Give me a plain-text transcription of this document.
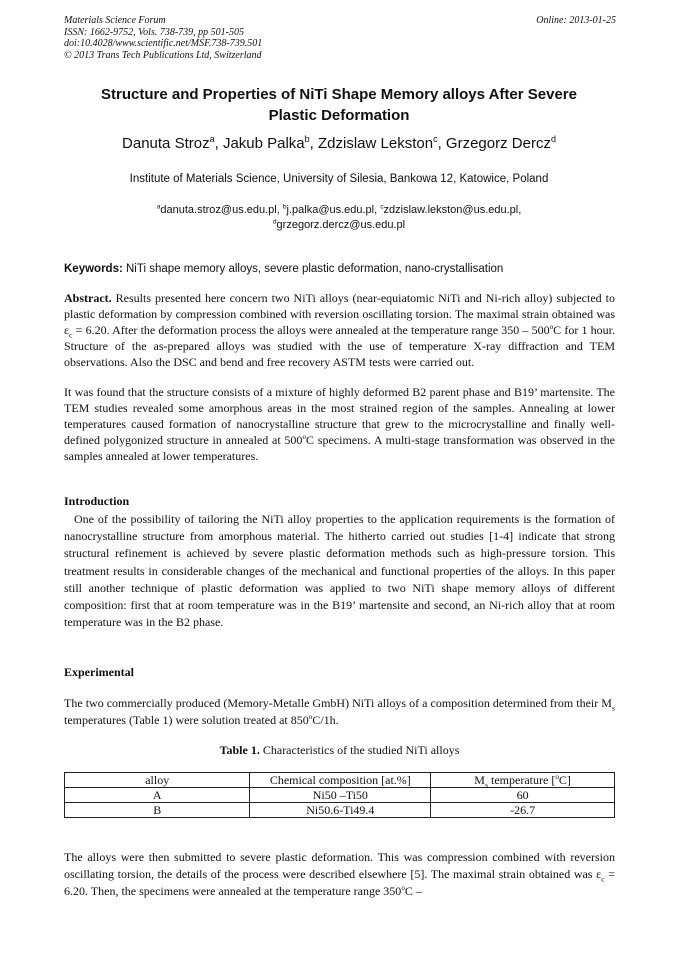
Materials Science Forum
ISSN: 1662-9752, Vols. 738-739, pp 501-505
doi:10.4028/www.scientific.net/MSF.738-739.501
© 2013 Trans Tech Publications Ltd, Switzerland
Online: 2013-01-25
Structure and Properties of NiTi Shape Memory alloys After Severe
Plastic Deformation
Danuta Stroz$^a$, Jakub Palka$^b$, Zdzislaw Lekston$^c$, Grzegorz Dercz$^d$
Institute of Materials Science, University of Silesia, Bankowa 12, Katowice, Poland
$^a$danuta.stroz@us.edu.pl, $^b$j.palka@us.edu.pl, $^c$zdzislaw.lekston@us.edu.pl,
$^d$grzegorz.dercz@us.edu.pl
Keywords: NiTi shape memory alloys, severe plastic deformation, nano-crystallisation
Abstract. Results presented here concern two NiTi alloys (near-equiatomic NiTi and Ni-rich alloy) subjected to plastic deformation by compression combined with reversion oscillating torsion. The maximal strain obtained was $\varepsilon_c = 6.20$. After the deformation process the alloys were annealed at the temperature range 350 – 500$^o$C for 1 hour. Structure of the as-prepared alloys was studied with the use of temperature X-ray diffraction and TEM observations. Also the DSC and bend and free recovery ASTM tests were carried out.
It was found that the structure consists of a mixture of highly deformed B2 parent phase and B19’ martensite. The TEM studies revealed some amorphous areas in the most strained region of the samples. Annealing at lower temperatures caused formation of nanocrystalline structure that grew to the microcrystalline and finally well-defined polygonized structure in annealed at 500$^o$C specimens. A multi-stage transformation was observed in the samples annealed at lower temperatures.
Introduction
One of the possibility of tailoring the NiTi alloy properties to the application requirements is the formation of nanocrystalline structure from amorphous material. The hitherto carried out studies [1-4] indicate that strong structural refinement is achieved by severe plastic deformation methods such as high-pressure torsion. This treatment results in considerable changes of the mechanical and functional properties of the alloys. In this paper still another technique of plastic deformation was applied to two NiTi shape memory alloys of different composition: first that at room temperature was in the B19’ martensite and second, an Ni-rich alloy that at room temperature was in the B2 phase.
Experimental
The two commercially produced (Memory-Metalle GmbH) NiTi alloys of a composition determined from their $M_s$ temperatures (Table 1) were solution treated at 850$^o$C/1h.
Table 1. Characteristics of the studied NiTi alloys
alloy	Chemical composition [at.%]	$M_s$ temperature [$^o$C]
A	Ni50 –Ti50	60
B	Ni50.6-Ti49.4	-26.7
The alloys were then submitted to severe plastic deformation. This was compression combined with reversion oscillating torsion, the details of the process were described elsewhere [5]. The maximal strain obtained was $\varepsilon_c = 6.20$. Then, the specimens were annealed at the temperature range 350$^o$C –
